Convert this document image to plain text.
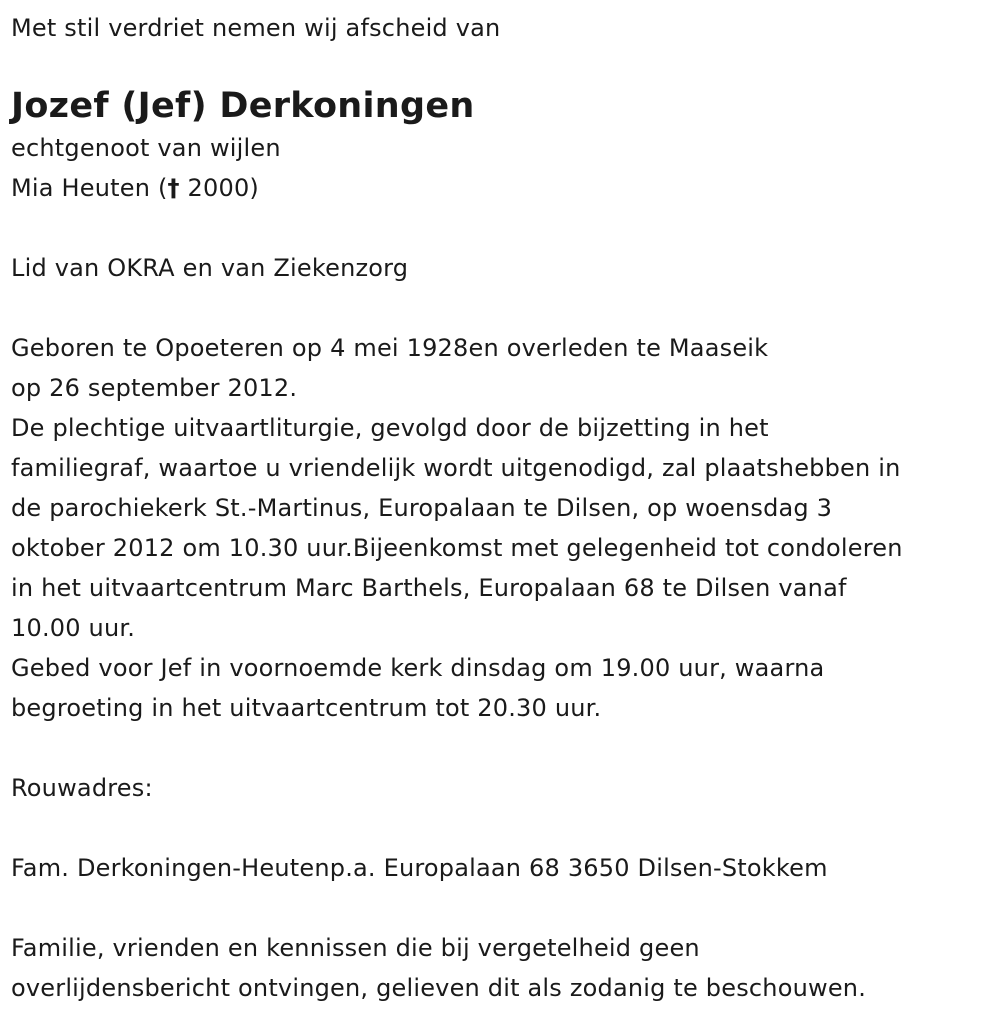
Met stil verdriet nemen wij afscheid van

Jozef (Jef) Derkoningen

echtgenoot van wijlen

Mia Heuten († 2000)

Lid van OKRA en van Ziekenzorg

Geboren te Opoeteren op 4 mei 1928en overleden te Maaseik

op 26 september 2012.

De plechtige uitvaartliturgie, gevolgd door de bijzetting in het

familiegraf, waartoe u vriendelijk wordt uitgenodigd, zal plaatshebben in

de parochiekerk St.-Martinus, Europalaan te Dilsen, op woensdag 3

oktober 2012 om 10.30 uur.Bijeenkomst met gelegenheid tot condoleren

in het uitvaartcentrum Marc Barthels, Europalaan 68 te Dilsen vanaf

10.00 uur.

Gebed voor Jef in voornoemde kerk dinsdag om 19.00 uur, waarna

begroeting in het uitvaartcentrum tot 20.30 uur.

Rouwadres:

Fam. Derkoningen-Heutenp.a. Europalaan 68 3650 Dilsen-Stokkem

Familie, vrienden en kennissen die bij vergetelheid geen

overlijdensbericht ontvingen, gelieven dit als zodanig te beschouwen.
